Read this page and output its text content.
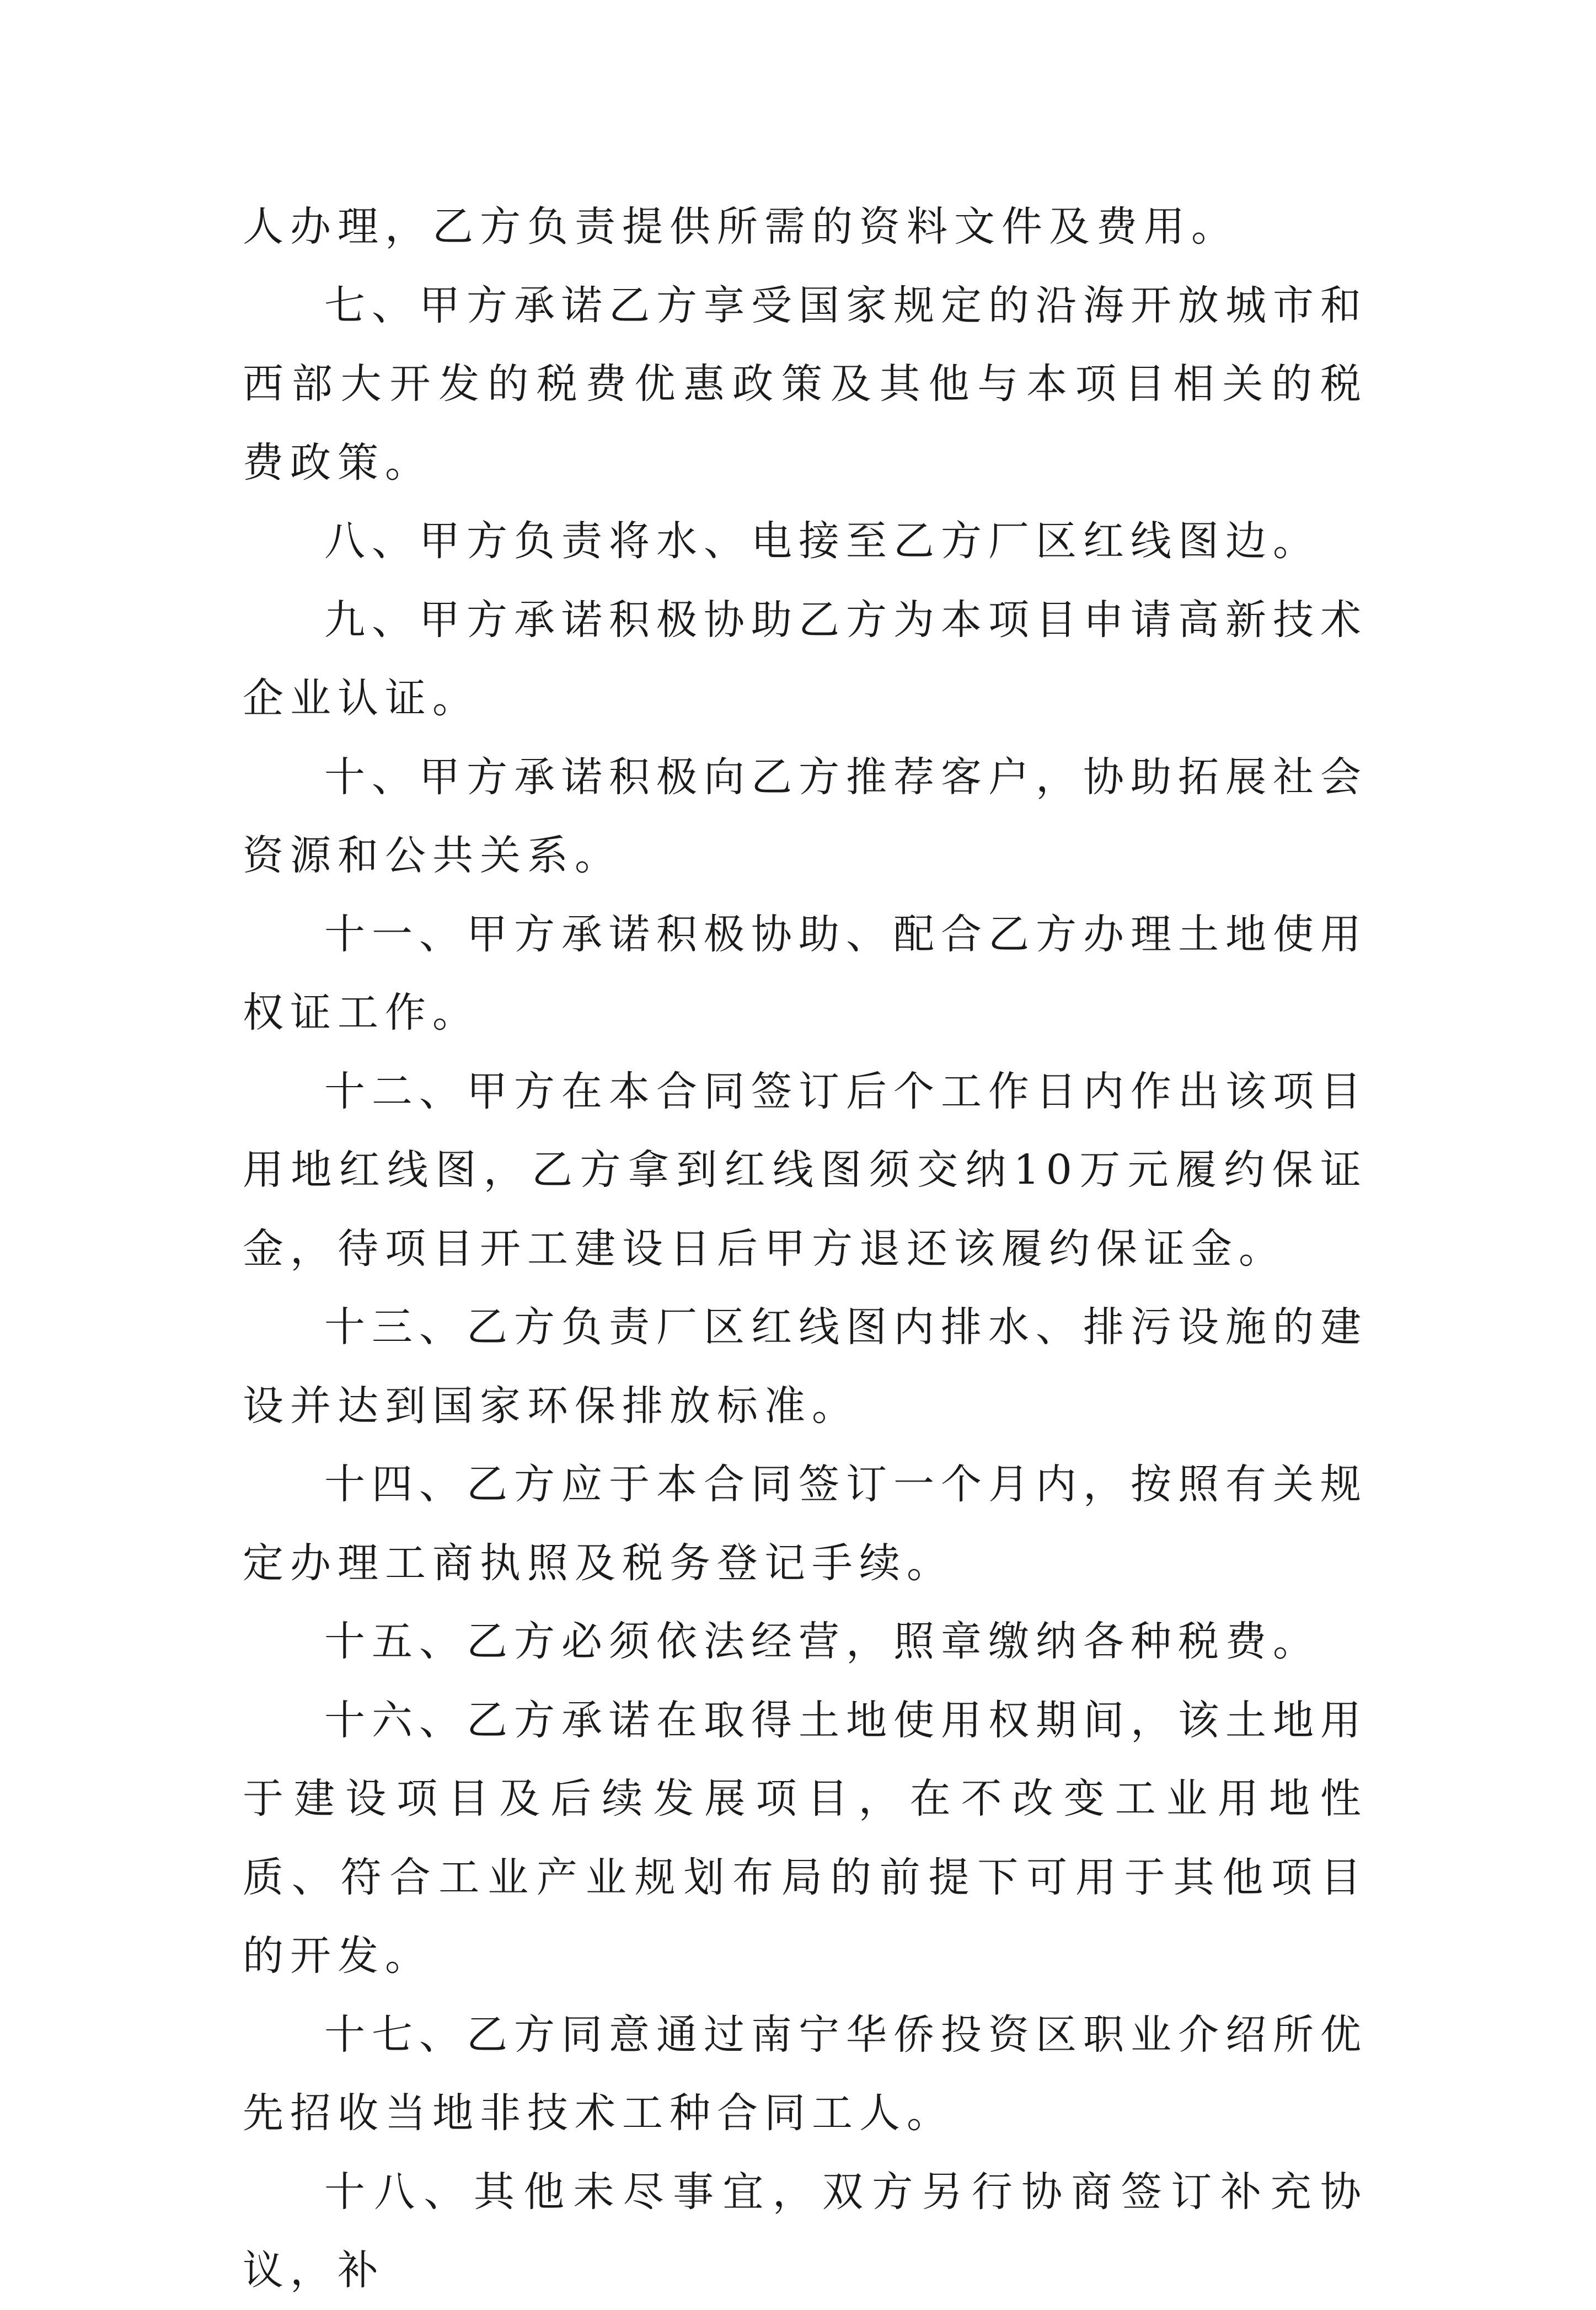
人办理，乙方负责提供所需的资料文件及费用。

七、甲方承诺乙方享受国家规定的沿海开放城市和西部大开发的税费优惠政策及其他与本项目相关的税费政策。

八、甲方负责将水、电接至乙方厂区红线图边。

九、甲方承诺积极协助乙方为本项目申请高新技术企业认证。

十、甲方承诺积极向乙方推荐客户，协助拓展社会资源和公共关系。

十一、甲方承诺积极协助、配合乙方办理土地使用权证工作。

十二、甲方在本合同签订后个工作日内作出该项目用地红线图，乙方拿到红线图须交纳10万元履约保证金，待项目开工建设日后甲方退还该履约保证金。

十三、乙方负责厂区红线图内排水、排污设施的建设并达到国家环保排放标准。

十四、乙方应于本合同签订一个月内，按照有关规定办理工商执照及税务登记手续。

十五、乙方必须依法经营，照章缴纳各种税费。

十六、乙方承诺在取得土地使用权期间，该土地用于建设项目及后续发展项目，在不改变工业用地性质、符合工业产业规划布局的前提下可用于其他项目的开发。

十七、乙方同意通过南宁华侨投资区职业介绍所优先招收当地非技术工种合同工人。

十八、其他未尽事宜，双方另行协商签订补充协议，补
